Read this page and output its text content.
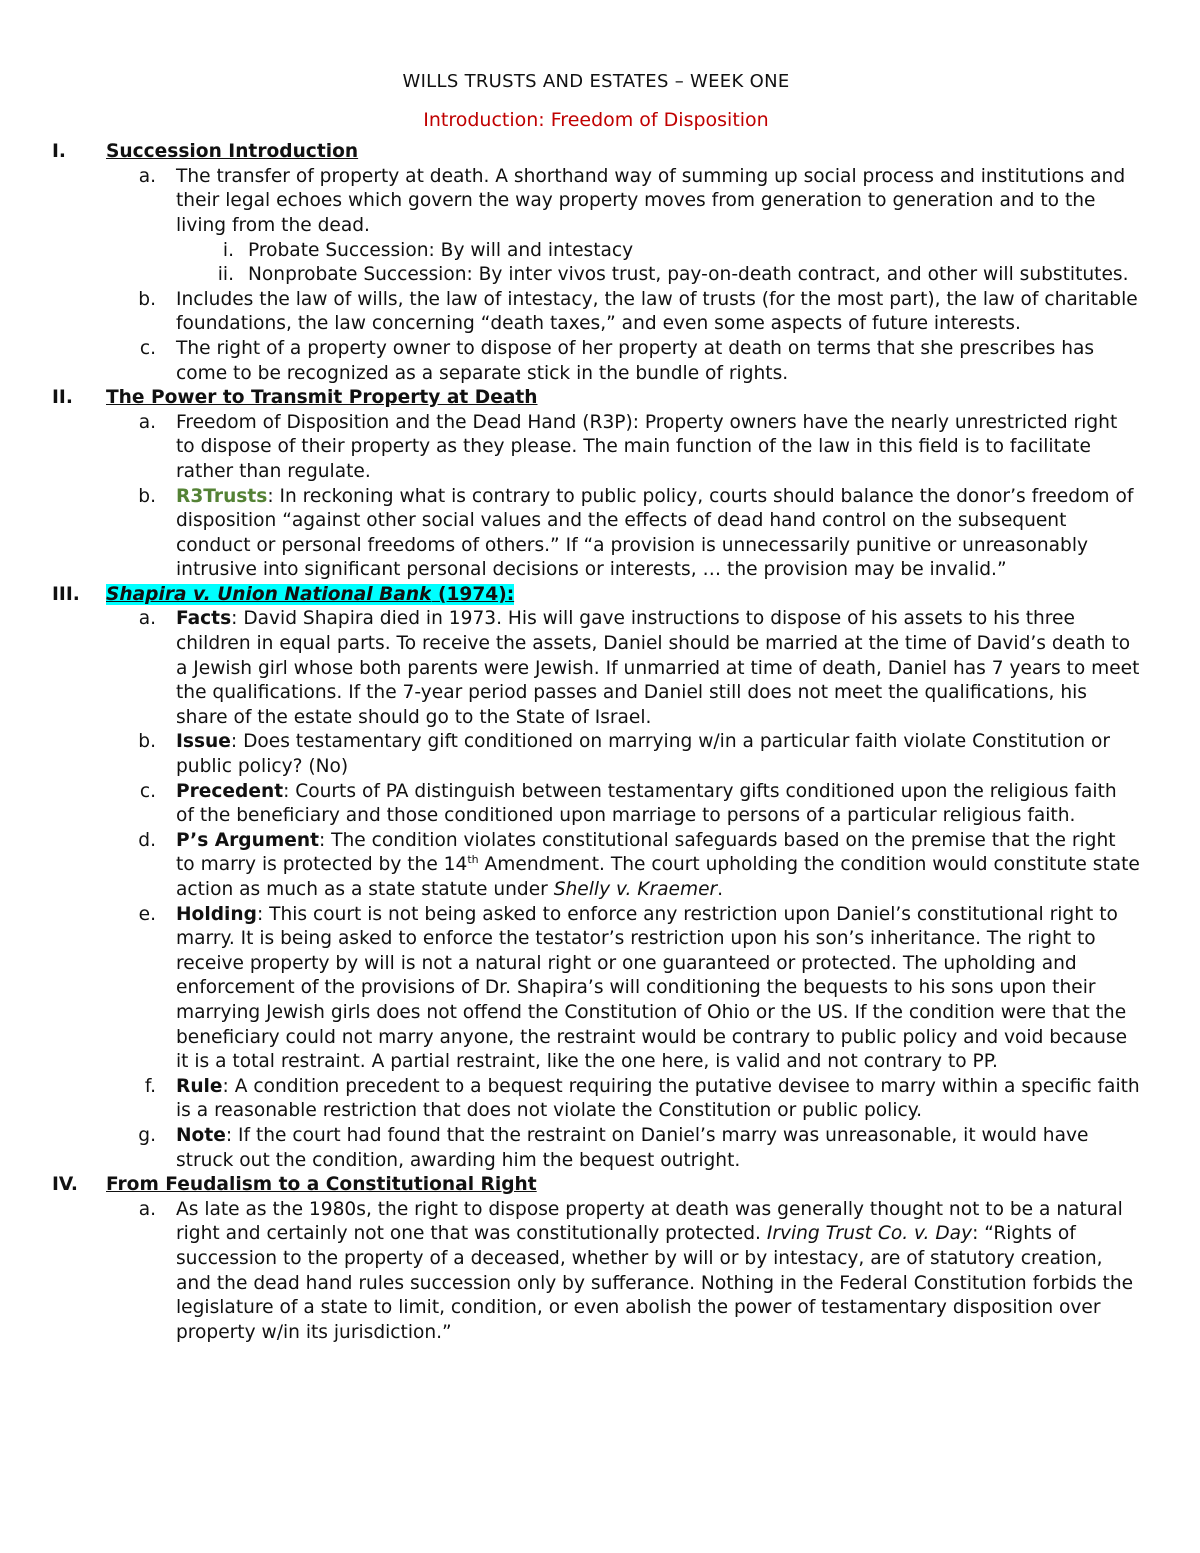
WILLS TRUSTS AND ESTATES – WEEK ONE
Introduction: Freedom of Disposition
I.	Succession Introduction
a.	The transfer of property at death. A shorthand way of summing up social process and institutions and their legal echoes which govern the way property moves from generation to generation and to the living from the dead.
i. Probate Succession: By will and intestacy
ii. Nonprobate Succession: By inter vivos trust, pay-on-death contract, and other will substitutes.
b.	Includes the law of wills, the law of intestacy, the law of trusts (for the most part), the law of charitable foundations, the law concerning “death taxes,” and even some aspects of future interests.
c.	The right of a property owner to dispose of her property at death on terms that she prescribes has come to be recognized as a separate stick in the bundle of rights.
II.	The Power to Transmit Property at Death
a.	Freedom of Disposition and the Dead Hand (R3P): Property owners have the nearly unrestricted right to dispose of their property as they please. The main function of the law in this field is to facilitate rather than regulate.
b.	R3Trusts: In reckoning what is contrary to public policy, courts should balance the donor’s freedom of disposition “against other social values and the effects of dead hand control on the subsequent conduct or personal freedoms of others.” If “a provision is unnecessarily punitive or unreasonably intrusive into significant personal decisions or interests, … the provision may be invalid.”
III.	Shapira v. Union National Bank (1974):
a.	Facts: David Shapira died in 1973. His will gave instructions to dispose of his assets to his three children in equal parts. To receive the assets, Daniel should be married at the time of David’s death to a Jewish girl whose both parents were Jewish. If unmarried at time of death, Daniel has 7 years to meet the qualifications. If the 7-year period passes and Daniel still does not meet the qualifications, his share of the estate should go to the State of Israel.
b.	Issue: Does testamentary gift conditioned on marrying w/in a particular faith violate Constitution or public policy? (No)
c.	Precedent: Courts of PA distinguish between testamentary gifts conditioned upon the religious faith of the beneficiary and those conditioned upon marriage to persons of a particular religious faith.
d.	P’s Argument: The condition violates constitutional safeguards based on the premise that the right to marry is protected by the 14th Amendment. The court upholding the condition would constitute state action as much as a state statute under Shelly v. Kraemer.
e.	Holding: This court is not being asked to enforce any restriction upon Daniel’s constitutional right to marry. It is being asked to enforce the testator’s restriction upon his son’s inheritance. The right to receive property by will is not a natural right or one guaranteed or protected. The upholding and enforcement of the provisions of Dr. Shapira’s will conditioning the bequests to his sons upon their marrying Jewish girls does not offend the Constitution of Ohio or the US. If the condition were that the beneficiary could not marry anyone, the restraint would be contrary to public policy and void because it is a total restraint. A partial restraint, like the one here, is valid and not contrary to PP.
f.	Rule: A condition precedent to a bequest requiring the putative devisee to marry within a specific faith is a reasonable restriction that does not violate the Constitution or public policy.
g.	Note: If the court had found that the restraint on Daniel’s marry was unreasonable, it would have struck out the condition, awarding him the bequest outright.
IV.	From Feudalism to a Constitutional Right
a.	As late as the 1980s, the right to dispose property at death was generally thought not to be a natural right and certainly not one that was constitutionally protected. Irving Trust Co. v. Day: “Rights of succession to the property of a deceased, whether by will or by intestacy, are of statutory creation, and the dead hand rules succession only by sufferance. Nothing in the Federal Constitution forbids the legislature of a state to limit, condition, or even abolish the power of testamentary disposition over property w/in its jurisdiction.”
